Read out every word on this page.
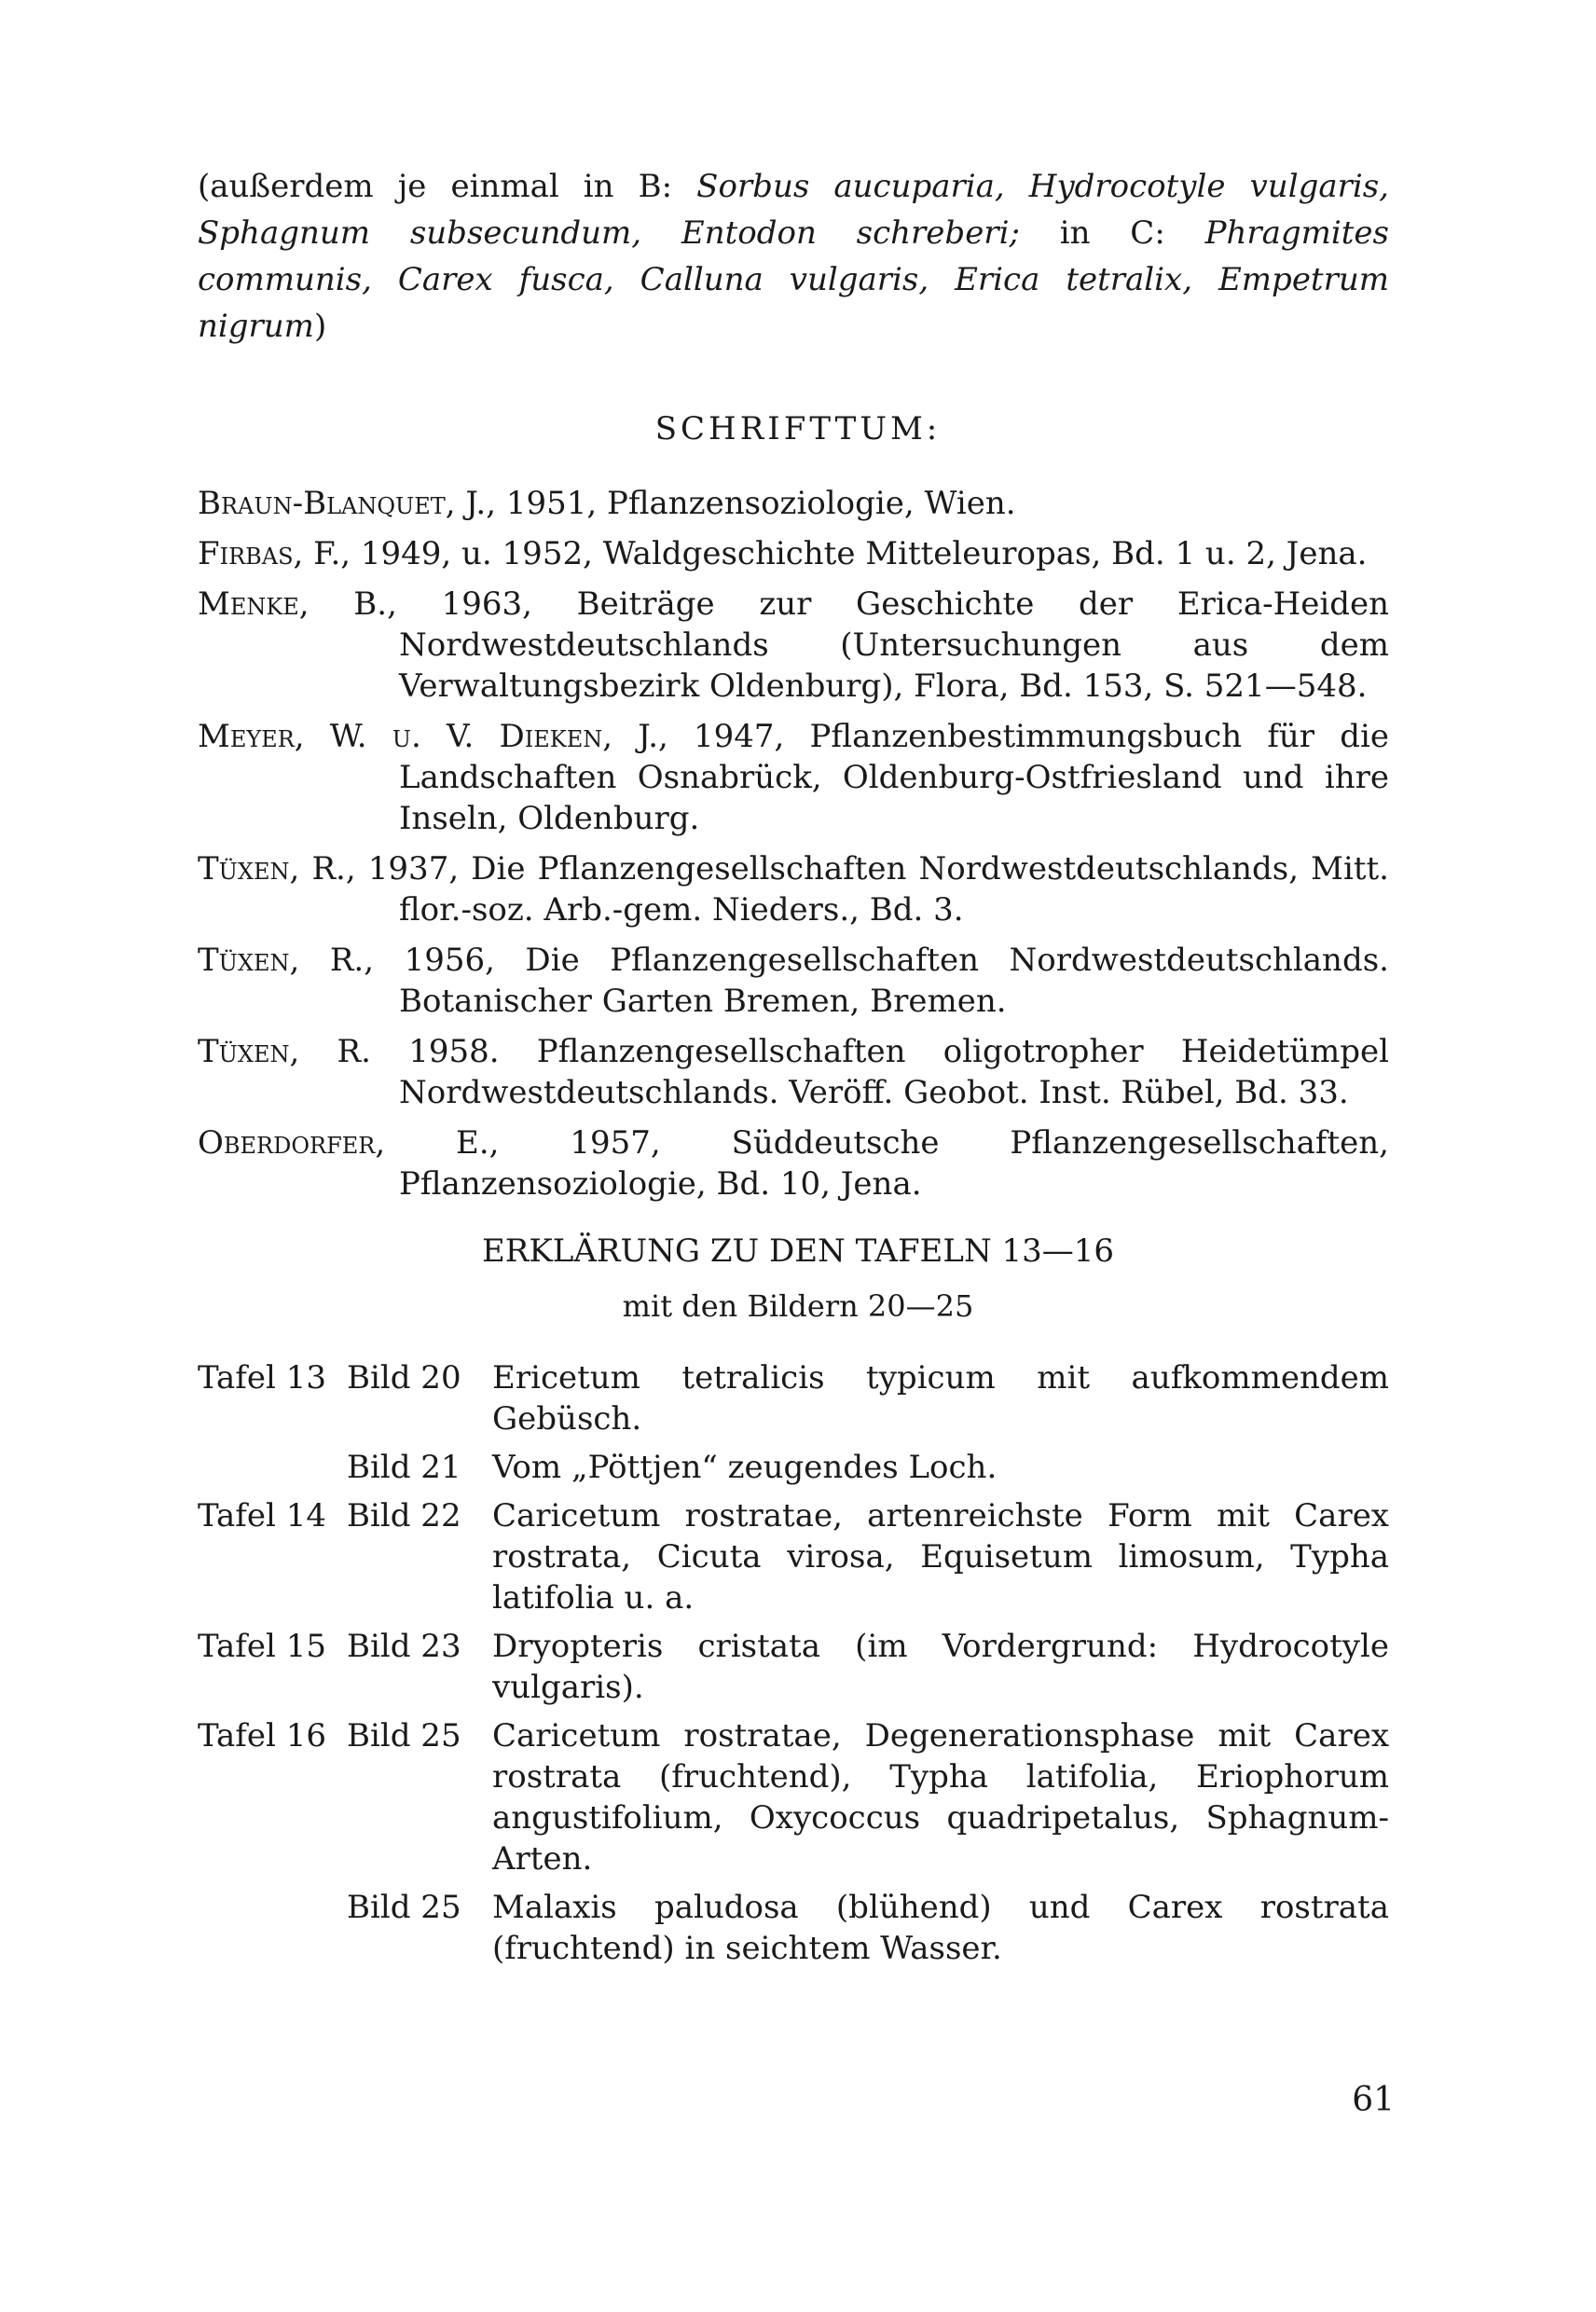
(außerdem je einmal in B: Sorbus aucuparia, Hydrocotyle vulgaris, Sphagnum subsecundum, Entodon schreberi; in C: Phragmites communis, Carex fusca, Calluna vulgaris, Erica tetralix, Empetrum nigrum)

SCHRIFTTUM:
Braun-Blanquet, J., 1951, Pflanzensoziologie, Wien.
Firbas, F., 1949, u. 1952, Waldgeschichte Mitteleuropas, Bd. 1 u. 2, Jena.
Menke, B., 1963, Beiträge zur Geschichte der Erica-Heiden Nordwestdeutschlands (Untersuchungen aus dem Verwaltungsbezirk Oldenburg), Flora, Bd. 153, S. 521—548.
Meyer, W. u. V. Dieken, J., 1947, Pflanzenbestimmungsbuch für die Landschaften Osnabrück, Oldenburg-Ostfriesland und ihre Inseln, Oldenburg.
Tüxen, R., 1937, Die Pflanzengesellschaften Nordwestdeutschlands, Mitt. flor.-soz. Arb.-gem. Nieders., Bd. 3.
Tüxen, R., 1956, Die Pflanzengesellschaften Nordwestdeutschlands. Botanischer Garten Bremen, Bremen.
Tüxen, R. 1958. Pflanzengesellschaften oligotropher Heidetümpel Nordwestdeutschlands. Veröff. Geobot. Inst. Rübel, Bd. 33.
Oberdorfer, E., 1957, Süddeutsche Pflanzengesellschaften, Pflanzensoziologie, Bd. 10, Jena.
ERKLÄRUNG ZU DEN TAFELN 13—16
mit den Bildern 20—25
Tafel 13	Bild 20	Ericetum tetralicis typicum mit aufkommendem Gebüsch.
	Bild 21	Vom „Pöttjen“ zeugendes Loch.
Tafel 14	Bild 22	Caricetum rostratae, artenreichste Form mit Carex rostrata, Cicuta virosa, Equisetum limosum, Typha latifolia u. a.
Tafel 15	Bild 23	Dryopteris cristata (im Vordergrund: Hydrocotyle vulgaris).
Tafel 16	Bild 25	Caricetum rostratae, Degenerationsphase mit Carex rostrata (fruchtend), Typha latifolia, Eriophorum angustifolium, Oxycoccus quadripetalus, Sphagnum-Arten.
	Bild 25	Malaxis paludosa (blühend) und Carex rostrata (fruchtend) in seichtem Wasser.
61
